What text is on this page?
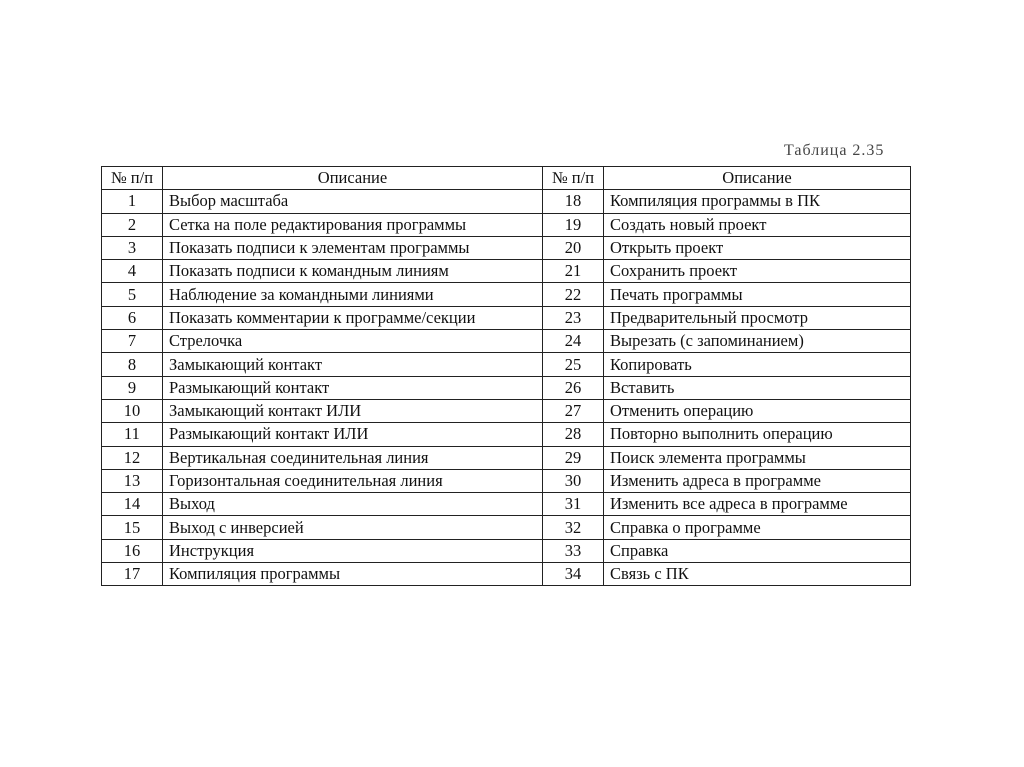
Таблица 2.35
№ п/п	Описание	№ п/п	Описание
1	Выбор масштаба	18	Компиляция программы в ПК
2	Сетка на поле редактирования программы	19	Создать новый проект
3	Показать подписи к элементам программы	20	Открыть проект
4	Показать подписи к командным линиям	21	Сохранить проект
5	Наблюдение за командными линиями	22	Печать программы
6	Показать комментарии к программе/секции	23	Предварительный просмотр
7	Стрелочка	24	Вырезать (с запоминанием)
8	Замыкающий контакт	25	Копировать
9	Размыкающий контакт	26	Вставить
10	Замыкающий контакт ИЛИ	27	Отменить операцию
11	Размыкающий контакт ИЛИ	28	Повторно выполнить операцию
12	Вертикальная соединительная линия	29	Поиск элемента программы
13	Горизонтальная соединительная линия	30	Изменить адреса в программе
14	Выход	31	Изменить все адреса в программе
15	Выход с инверсией	32	Справка о программе
16	Инструкция	33	Справка
17	Компиляция программы	34	Связь с ПК
